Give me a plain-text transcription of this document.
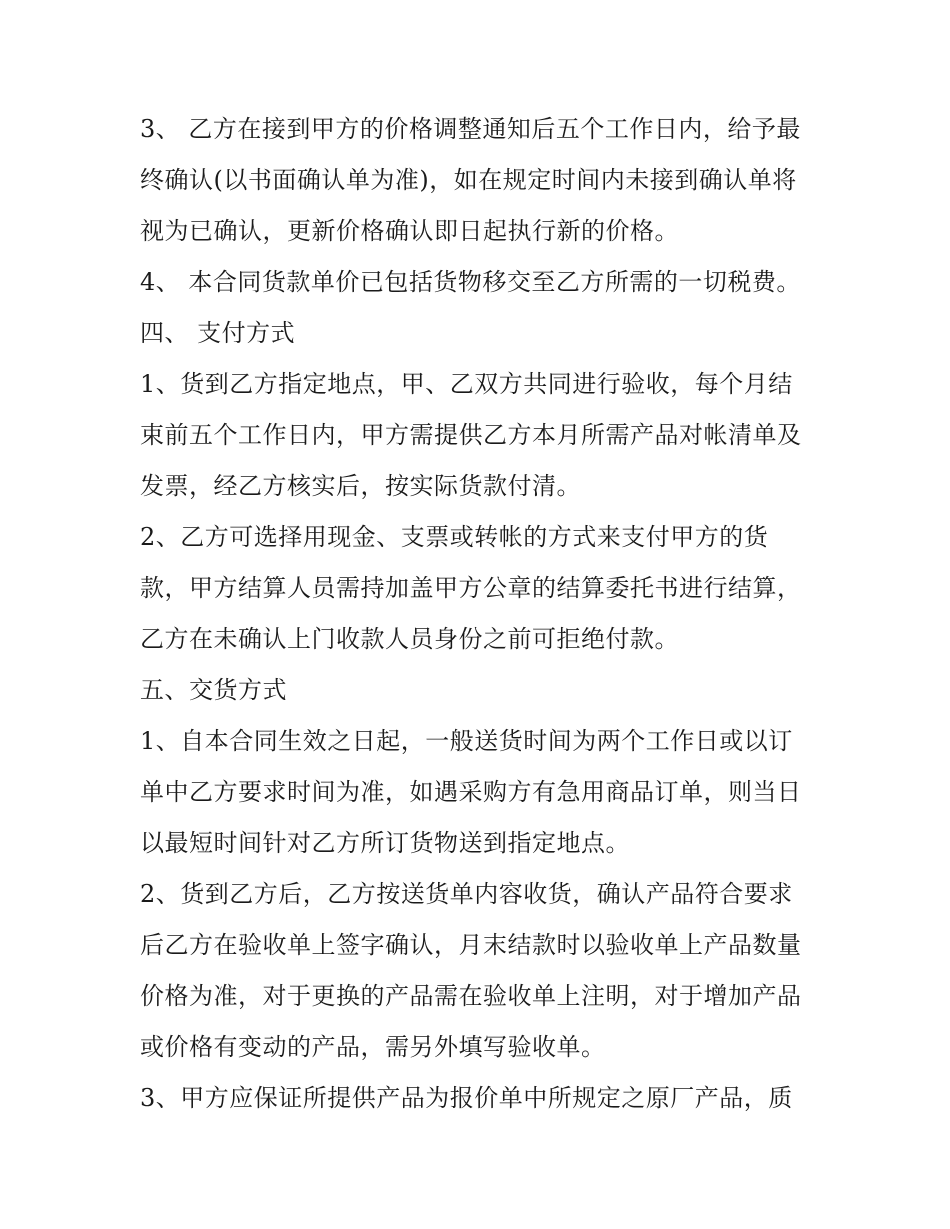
3、 乙方在接到甲方的价格调整通知后五个工作日内，给予最
终确认(以书面确认单为准)，如在规定时间内未接到确认单将
视为已确认，更新价格确认即日起执行新的价格。
4、 本合同货款单价已包括货物移交至乙方所需的一切税费。
四、 支付方式
1、货到乙方指定地点，甲、乙双方共同进行验收，每个月结
束前五个工作日内，甲方需提供乙方本月所需产品对帐清单及
发票，经乙方核实后，按实际货款付清。
2、乙方可选择用现金、支票或转帐的方式来支付甲方的货
款，甲方结算人员需持加盖甲方公章的结算委托书进行结算，
乙方在未确认上门收款人员身份之前可拒绝付款。
五、交货方式
1、自本合同生效之日起，一般送货时间为两个工作日或以订
单中乙方要求时间为准，如遇采购方有急用商品订单，则当日
以最短时间针对乙方所订货物送到指定地点。
2、货到乙方后，乙方按送货单内容收货，确认产品符合要求
后乙方在验收单上签字确认，月末结款时以验收单上产品数量
价格为准，对于更换的产品需在验收单上注明，对于增加产品
或价格有变动的产品，需另外填写验收单。
3、甲方应保证所提供产品为报价单中所规定之原厂产品，质
